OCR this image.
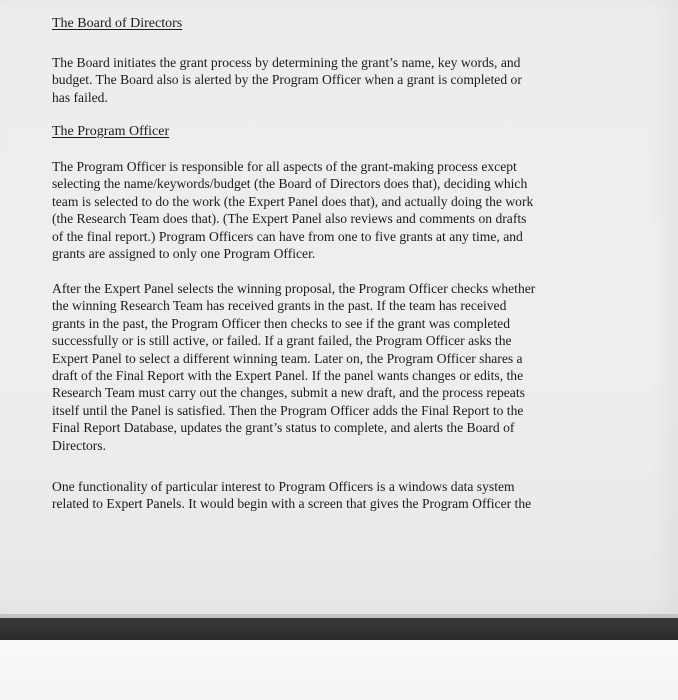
The Board of Directors

The Board initiates the grant process by determining the grant’s name, key words, and
budget. The Board also is alerted by the Program Officer when a grant is completed or
has failed.

The Program Officer

The Program Officer is responsible for all aspects of the grant-making process except
selecting the name/keywords/budget (the Board of Directors does that), deciding which
team is selected to do the work (the Expert Panel does that), and actually doing the work
(the Research Team does that). (The Expert Panel also reviews and comments on drafts
of the final report.) Program Officers can have from one to five grants at any time, and
grants are assigned to only one Program Officer.

After the Expert Panel selects the winning proposal, the Program Officer checks whether
the winning Research Team has received grants in the past. If the team has received
grants in the past, the Program Officer then checks to see if the grant was completed
successfully or is still active, or failed. If a grant failed, the Program Officer asks the
Expert Panel to select a different winning team. Later on, the Program Officer shares a
draft of the Final Report with the Expert Panel. If the panel wants changes or edits, the
Research Team must carry out the changes, submit a new draft, and the process repeats
itself until the Panel is satisfied. Then the Program Officer adds the Final Report to the
Final Report Database, updates the grant’s status to complete, and alerts the Board of
Directors.

One functionality of particular interest to Program Officers is a windows data system
related to Expert Panels. It would begin with a screen that gives the Program Officer the
